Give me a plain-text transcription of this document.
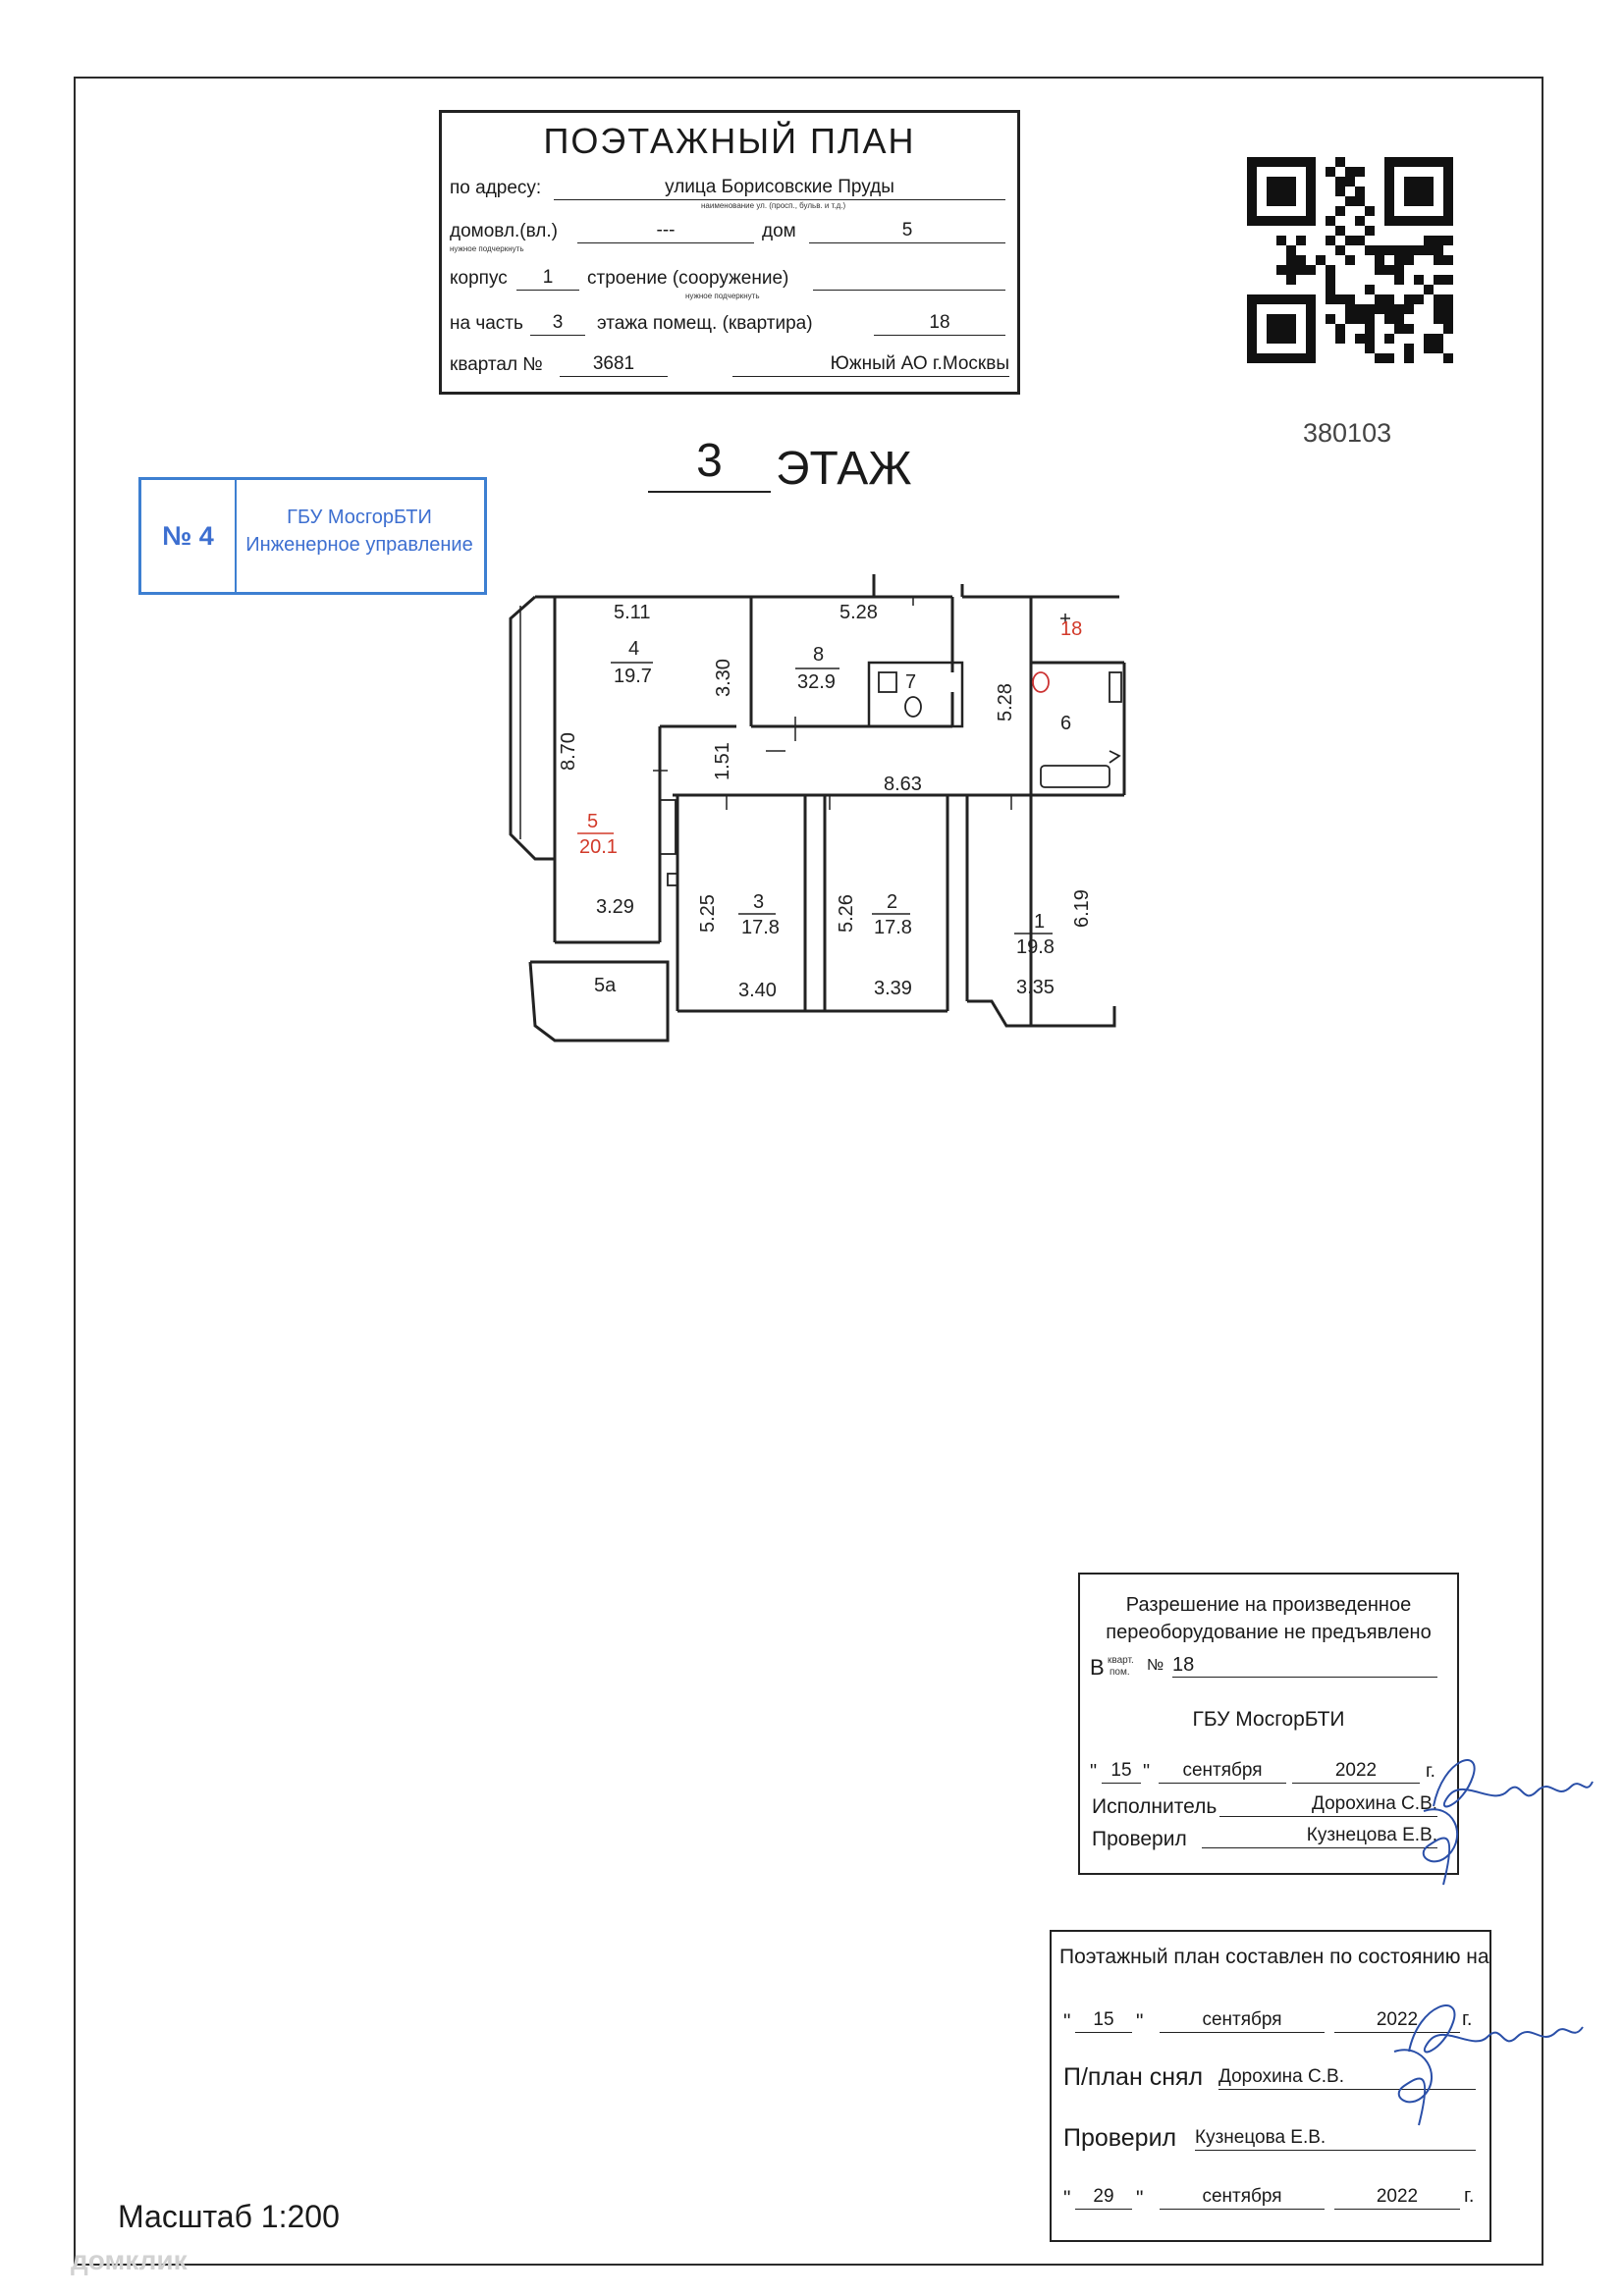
ПОЭТАЖНЫЙ ПЛАН
по адресу:	улица Борисовские Пруды
наименование ул. (просп., бульв. и т.д.)
домовл.(вл.)	---
нужное подчеркнуть
дом	5
корпус	1	строение (сооружение)
нужное подчеркнуть
на часть	3	этажа помещ. (квартира)	18
квартал №	3681	Южный АО г.Москвы
380103
3	ЭТАЖ
№ 4
ГБУ МосгорБТИ
Инженерное управление
5.11	5.28
18
4
19.7	3.30
8
32.9	7
5.28
6
8.70	1.51
8.63
5
20.1
3.29
5а
5.25 3
17.8
3.40
5.26 2
17.8
3.39
1
19.8
6.19
3.35
Разрешение на произведенное
переоборудование не предъявлено
В кварт.
пом. № 18
ГБУ МосгорБТИ
" 15 "	сентября	2022	г.
Исполнитель	Дорохина С.В.
Проверил	Кузнецова Е.В.
Поэтажный план составлен по состоянию на
"	15	"	сентября	2022	г.
П/план снял Дорохина С.В.
Проверил Кузнецова Е.В.
"	29	"	сентября	2022	г.
Масштаб 1:200
домклик
